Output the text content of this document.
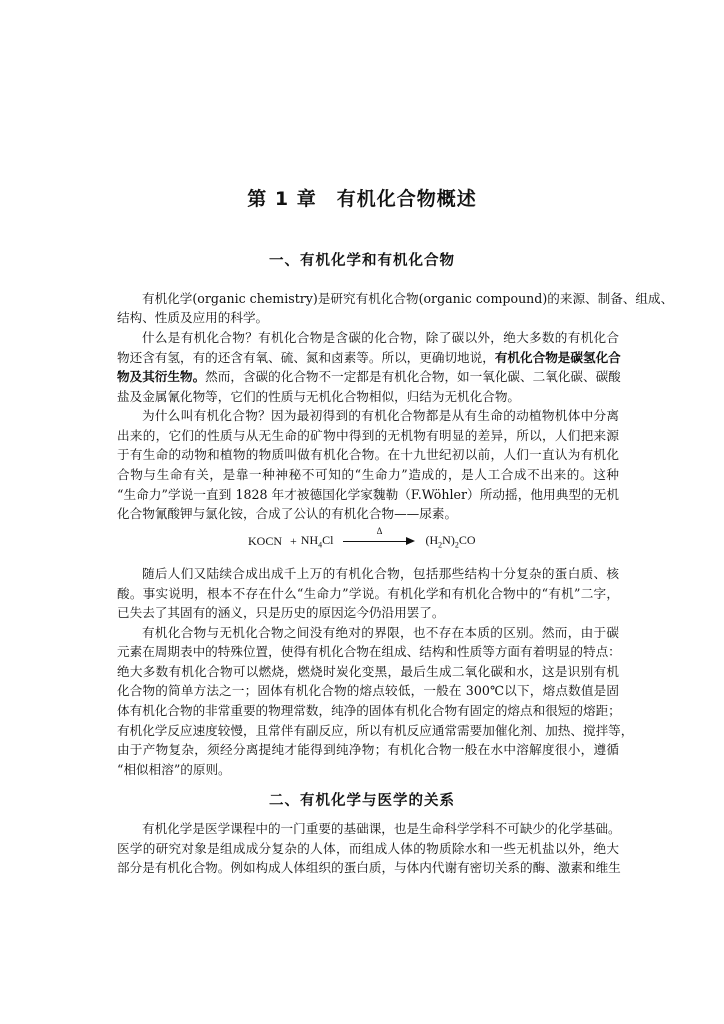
第 1 章　有机化合物概述
一、有机化学和有机化合物
二、有机化学与医学的关系
有机化学(organic chemistry)是研究有机化合物(organic compound)的来源、制备、组成、
结构、性质及应用的科学。
什么是有机化合物？有机化合物是含碳的化合物，除了碳以外，绝大多数的有机化合
物还含有氢，有的还含有氧、硫、氮和卤素等。所以，更确切地说，有机化合物是碳氢化合
物及其衍生物。然而，含碳的化合物不一定都是有机化合物，如一氧化碳、二氧化碳、碳酸
盐及金属氰化物等，它们的性质与无机化合物相似，归结为无机化合物。
为什么叫有机化合物？因为最初得到的有机化合物都是从有生命的动植物机体中分离
出来的，它们的性质与从无生命的矿物中得到的无机物有明显的差异，所以，人们把来源
于有生命的动物和植物的物质叫做有机化合物。在十九世纪初以前，人们一直认为有机化
合物与生命有关，是靠一种神秘不可知的“生命力”造成的，是人工合成不出来的。这种
“生命力”学说一直到 1828 年才被德国化学家魏勒（F.Wöhler）所动摇，他用典型的无机
化合物氰酸钾与氯化铵，合成了公认的有机化合物——尿素。
随后人们又陆续合成出成千上万的有机化合物，包括那些结构十分复杂的蛋白质、核
酸。事实说明，根本不存在什么“生命力”学说。有机化学和有机化合物中的“有机”二字，
已失去了其固有的涵义，只是历史的原因迄今仍沿用罢了。
有机化合物与无机化合物之间没有绝对的界限，也不存在本质的区别。然而，由于碳
元素在周期表中的特殊位置，使得有机化合物在组成、结构和性质等方面有着明显的特点：
绝大多数有机化合物可以燃烧，燃烧时炭化变黑，最后生成二氧化碳和水，这是识别有机
化合物的简单方法之一；固体有机化合物的熔点较低，一般在 300℃以下，熔点数值是固
体有机化合物的非常重要的物理常数，纯净的固体有机化合物有固定的熔点和很短的熔距；
有机化学反应速度较慢，且常伴有副反应，所以有机反应通常需要加催化剂、加热、搅拌等，
由于产物复杂，须经分离提纯才能得到纯净物；有机化合物一般在水中溶解度很小，遵循
“相似相溶”的原则。
有机化学是医学课程中的一门重要的基础课，也是生命科学学科不可缺少的化学基础。
医学的研究对象是组成成分复杂的人体，而组成人体的物质除水和一些无机盐以外，绝大
部分是有机化合物。例如构成人体组织的蛋白质，与体内代谢有密切关系的酶、激素和维生
KOCN + $NH_4Cl$
Δ
$(H_2N)_2CO$
